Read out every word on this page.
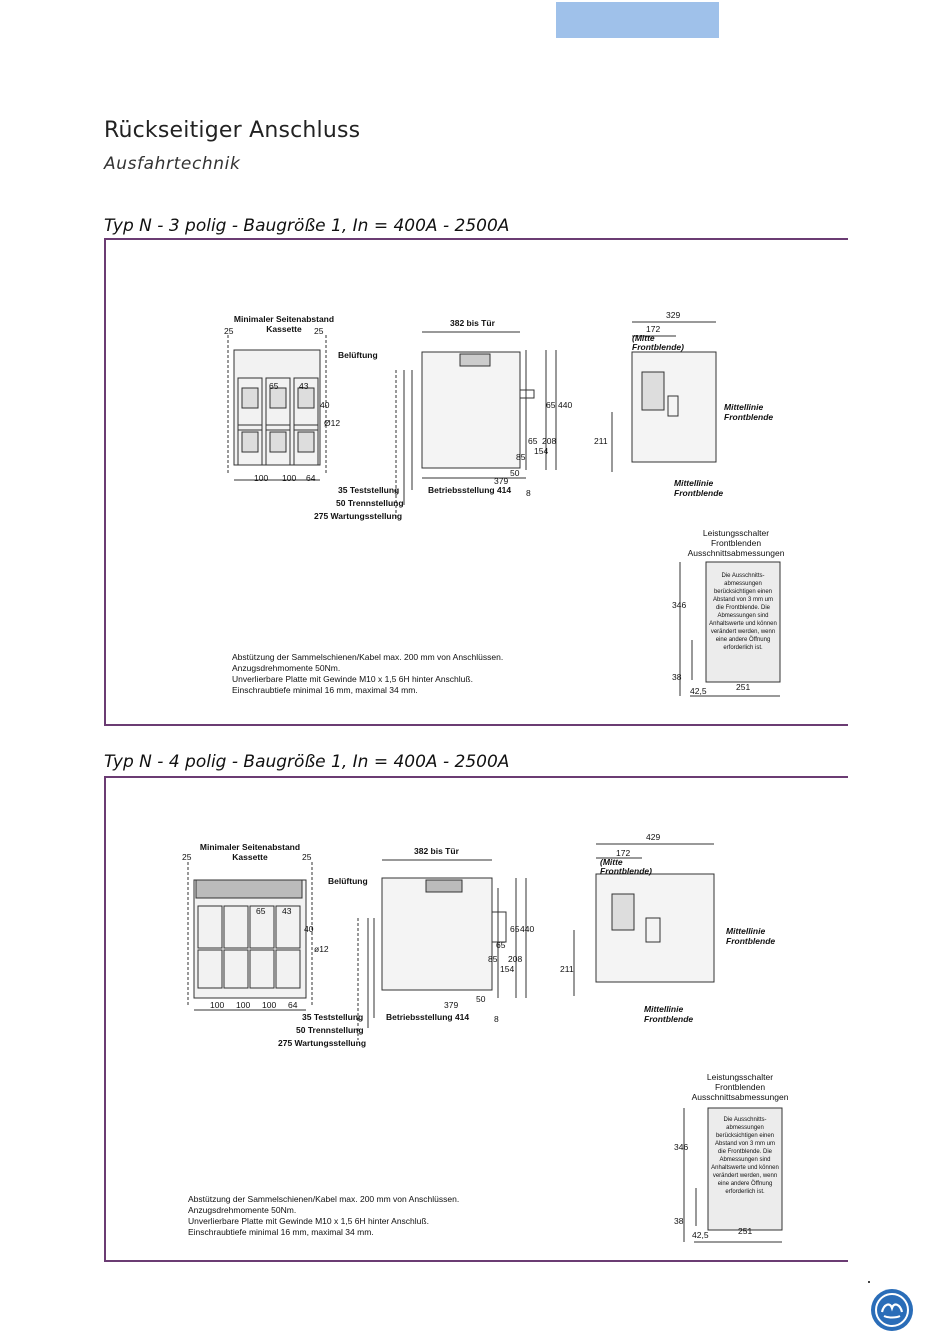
Rückseitiger Anschluss
Ausfahrtechnik
Typ N - 3 polig - Baugröße 1, In = 400A - 2500A
Minimaler Seitenabstand
Kassette
25	25
Belüftung
65 43
40
Ø12
100 100 64
382 bis Tür
35 Teststellung
50 Trennstellung
275 Wartungsstellung
Betriebsstellung 414
379
8
50
85
65
154
208
65 440
329
172
(Mitte Frontblende)
Mittellinie Frontblende
Mittellinie Frontblende
211
Leistungsschalter
Frontblenden
Ausschnittsabmessungen
Die Ausschnitts-
abmessungen
berücksichtigen einen
Abstand von 3 mm um
die Frontblende. Die
Abmessungen sind
Anhaltswerte und können
verändert werden, wenn
eine andere Öffnung
erforderlich ist.
346
38
42,5	251
Abstützung der Sammelschienen/Kabel max. 200 mm von Anschlüssen.
Anzugsdrehmomente 50Nm.
Unverlierbare Platte mit Gewinde M10 x 1,5 6H hinter Anschluß.
Einschraubtiefe minimal 16 mm, maximal 34 mm.
Typ N - 4 polig - Baugröße 1, In = 400A - 2500A
Minimaler Seitenabstand
Kassette
25	25
Belüftung
65 43
40
ø12
100 100 100 64
382 bis Tür
35 Teststellung
50 Trennstellung
275 Wartungsstellung
Betriebsstellung 414
379
8
50
85
65
154
208
65 440
429
172
(Mitte Frontblende)
Mittellinie Frontblende
Mittellinie Frontblende
211
Leistungsschalter
Frontblenden
Ausschnittsabmessungen
Die Ausschnitts-
abmessungen
berücksichtigen einen
Abstand von 3 mm um
die Frontblende. Die
Abmessungen sind
Anhaltswerte und können
verändert werden, wenn
eine andere Öffnung
erforderlich ist.
346
38
42,5	251
Abstützung der Sammelschienen/Kabel max. 200 mm von Anschlüssen.
Anzugsdrehmomente 50Nm.
Unverlierbare Platte mit Gewinde M10 x 1,5 6H hinter Anschluß.
Einschraubtiefe minimal 16 mm, maximal 34 mm.
